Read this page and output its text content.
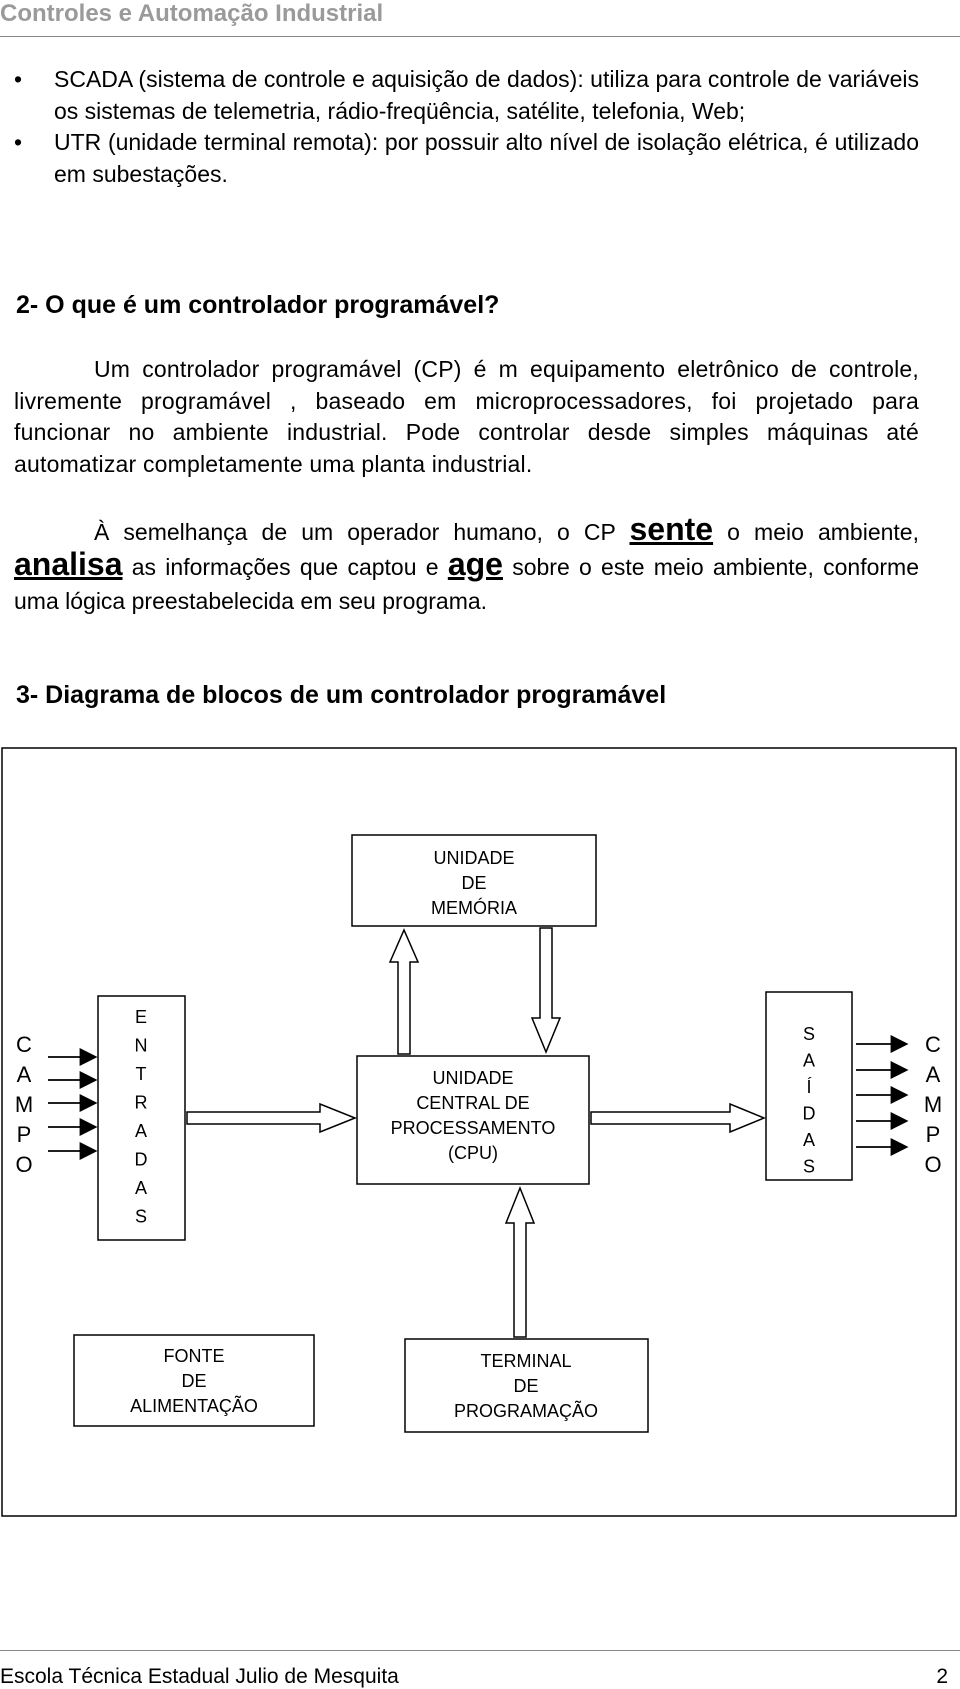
Controles e Automação Industrial
• SCADA (sistema de controle e aquisição de dados): utiliza para controle de variáveis os sistemas de telemetria, rádio-freqüência, satélite, telefonia, Web;
• UTR (unidade terminal remota): por possuir alto nível de isolação elétrica, é utilizado em subestações.
2- O que é um controlador programável?

Um controlador programável (CP) é m equipamento eletrônico de controle, livremente programável , baseado em microprocessadores, foi projetado para funcionar no ambiente industrial. Pode controlar desde simples máquinas até automatizar completamente uma planta industrial.

À semelhança de um operador humano, o CP sente o meio ambiente, analisa as informações que captou e age sobre o este meio ambiente, conforme uma lógica preestabelecida em seu programa.

3- Diagrama de blocos de um controlador programável
UNIDADE
DE
MEMÓRIA
UNIDADE
CENTRAL DE
PROCESSAMENTO
(CPU)
E
N
T
R
A
D
A
S
S
A
Í
D
A
S
C
A
M
P
O
C
A
M
P
O
FONTE
DE
ALIMENTAÇÃO
TERMINAL
DE
PROGRAMAÇÃO
Escola Técnica Estadual Julio de Mesquita	2
